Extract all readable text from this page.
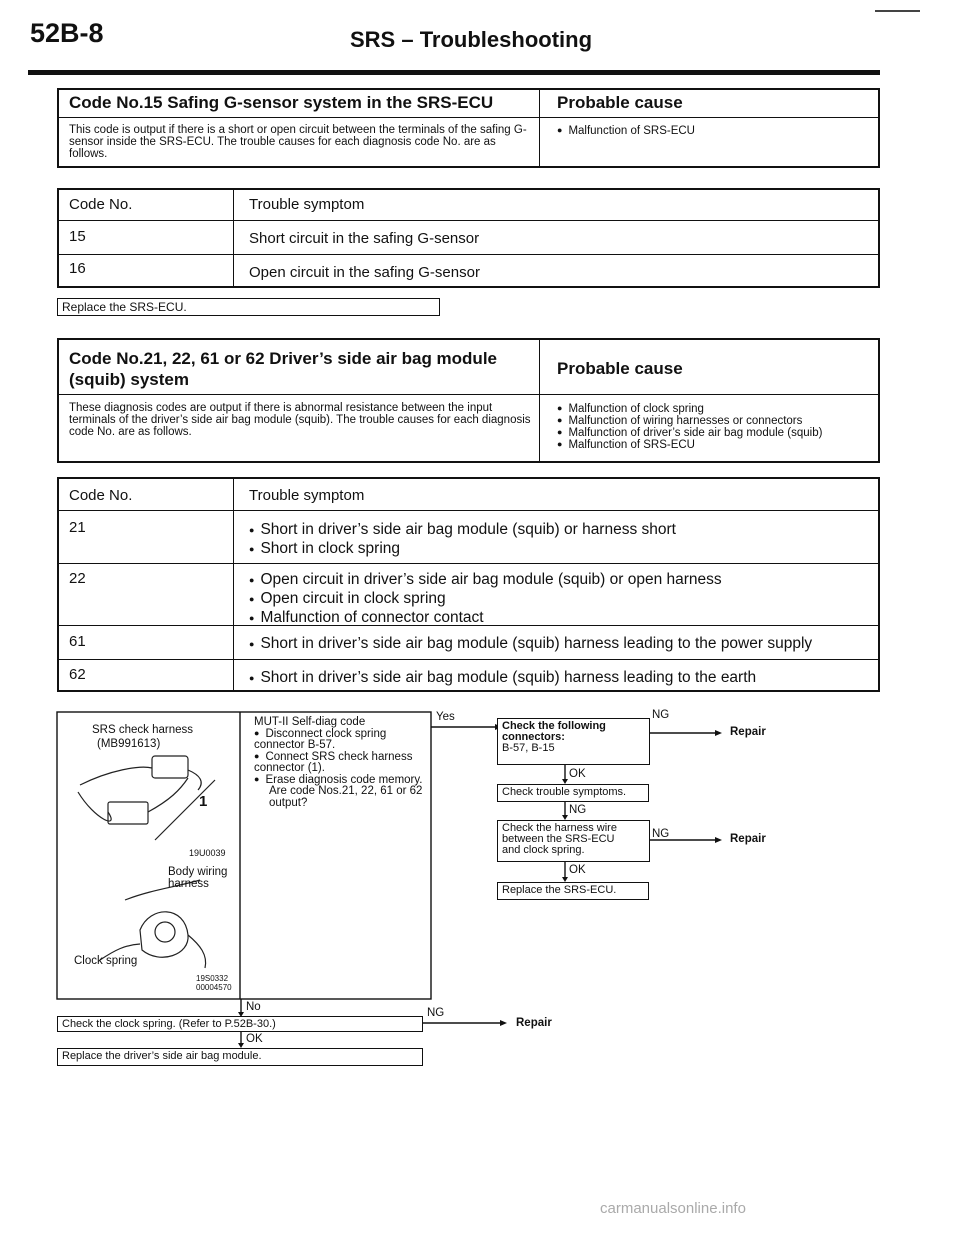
52B-8	SRS – Troubleshooting
Code No.15 Safing G-sensor system in the SRS-ECU	Probable cause
This code is output if there is a short or open circuit between the terminals of the safing G-sensor inside the SRS-ECU. The trouble causes for each diagnosis code No. are as follows.
● Malfunction of SRS-ECU
Code No.	Trouble symptom
15	Short circuit in the safing G-sensor
16	Open circuit in the safing G-sensor
Replace the SRS-ECU.
Code No.21, 22, 61 or 62 Driver’s side air bag module
(squib) system
Probable cause
These diagnosis codes are output if there is abnormal resistance between the input terminals of the driver’s side air bag module (squib). The trouble causes for each diagnosis code No. are as follows.
● Malfunction of clock spring
● Malfunction of wiring harnesses or connectors
● Malfunction of driver’s side air bag module (squib)
● Malfunction of SRS-ECU
Code No.	Trouble symptom
21	● Short in driver’s side air bag module (squib) or harness short
● Short in clock spring
22	● Open circuit in driver’s side air bag module (squib) or open harness
● Open circuit in clock spring
● Malfunction of connector contact
61	● Short in driver’s side air bag module (squib) harness leading to the power supply
62	● Short in driver’s side air bag module (squib) harness leading to the earth
SRS check harness
(MB991613)
1
19U0039
Body wiring
harness
Clock spring
19S0332
00004570
MUT-II Self-diag code
● Disconnect clock spring connector B-57.
● Connect SRS check harness connector (1).
● Erase diagnosis code memory.
Are code Nos.21, 22, 61 or 62 output?
Yes
No
Check the following
connectors:
B-57, B-15
NG
Repair
OK
Check trouble symptoms.
NG
Check the harness wire
between the SRS-ECU
and clock spring.
NG	Repair
OK
Replace the SRS-ECU.
Check the clock spring. (Refer to P.52B-30.)
NG
Repair
OK
Replace the driver’s side air bag module.
carmanualsonline.info
